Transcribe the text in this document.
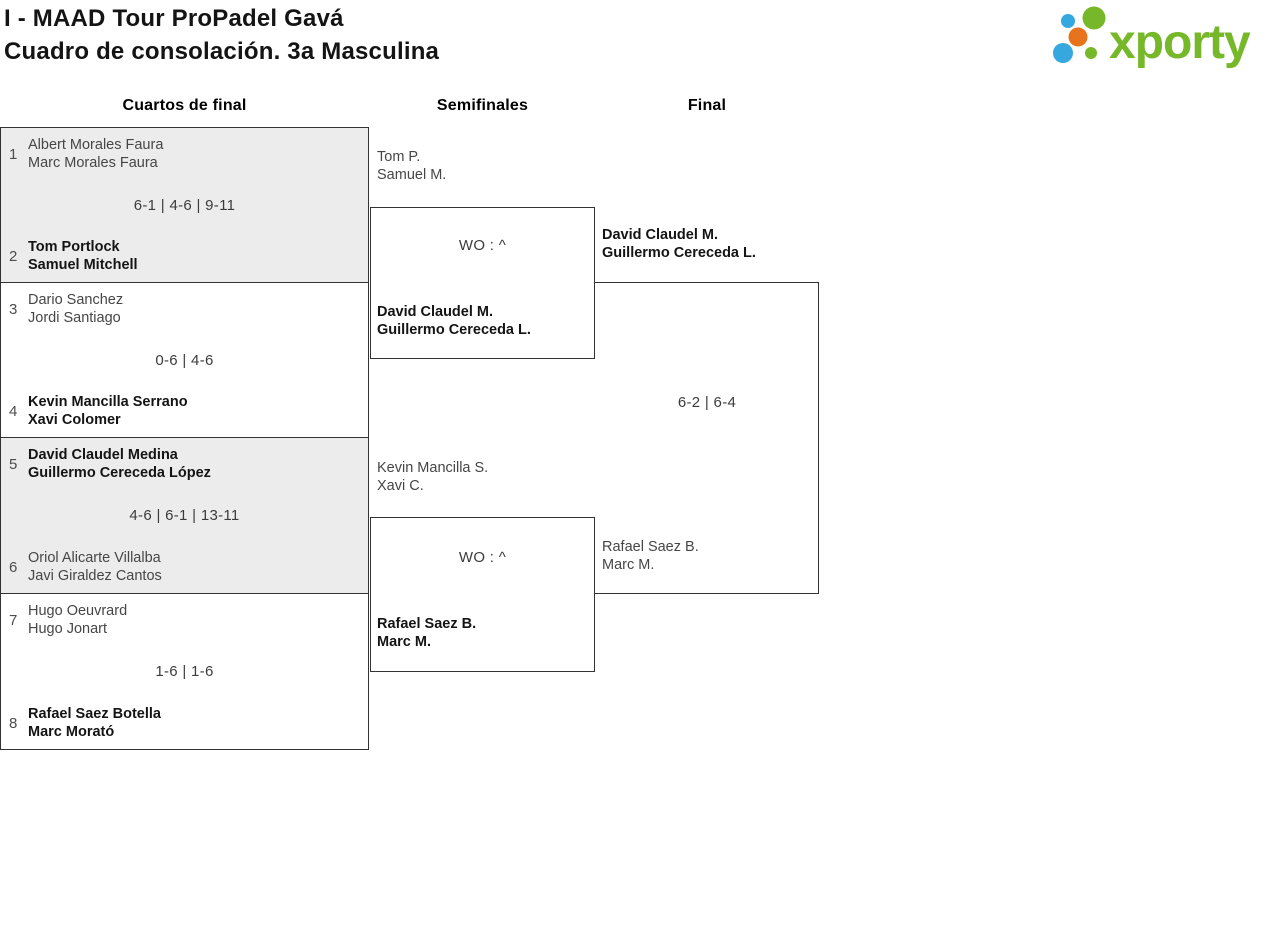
I - MAAD Tour ProPadel Gavá
Cuadro de consolación. 3a Masculina	xporty
Cuartos de final	Semifinales	Final
1
Albert Morales Faura
Marc Morales Faura
6-1 | 4-6 | 9-11
2
Tom Portlock
Samuel Mitchell
3
Dario Sanchez
Jordi Santiago
0-6 | 4-6
4
Kevin Mancilla Serrano
Xavi Colomer
5
David Claudel Medina
Guillermo Cereceda López
4-6 | 6-1 | 13-11
6
Oriol Alicarte Villalba
Javi Giraldez Cantos
7
Hugo Oeuvrard
Hugo Jonart
1-6 | 1-6
8
Rafael Saez Botella
Marc Morató
Tom P.
Samuel M.
WO : ^
David Claudel M.
Guillermo Cereceda L.
Kevin Mancilla S.
Xavi C.
WO : ^
Rafael Saez B.
Marc M.
David Claudel M.
Guillermo Cereceda L.
6-2 | 6-4
Rafael Saez B.
Marc M.
